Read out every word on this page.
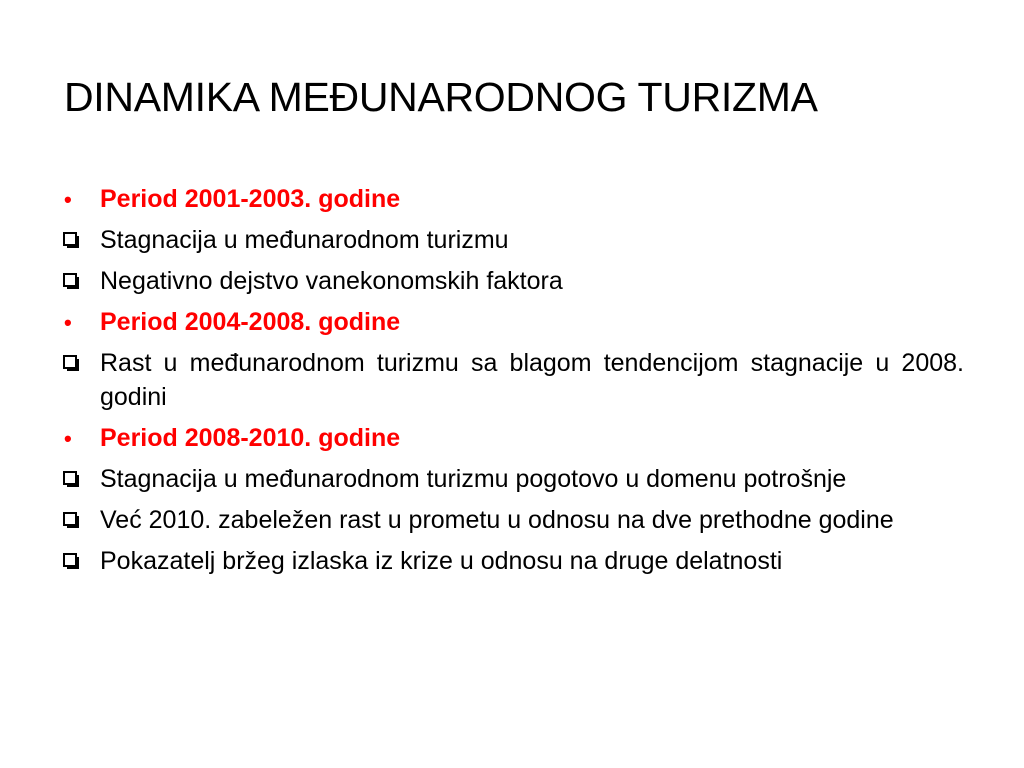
DINAMIKA MEĐUNARODNOG TURIZMA
•	Period 2001-2003. godine
Stagnacija u međunarodnom turizmu
Negativno dejstvo vanekonomskih faktora
•	Period 2004-2008. godine
Rast u međunarodnom turizmu sa blagom tendencijom stagnacije u 2008. godini
•	Period 2008-2010. godine
Stagnacija u međunarodnom turizmu pogotovo u domenu potrošnje
Već 2010. zabeležen rast u prometu u odnosu na dve prethodne godine
Pokazatelj bržeg izlaska iz krize u odnosu na druge delatnosti
